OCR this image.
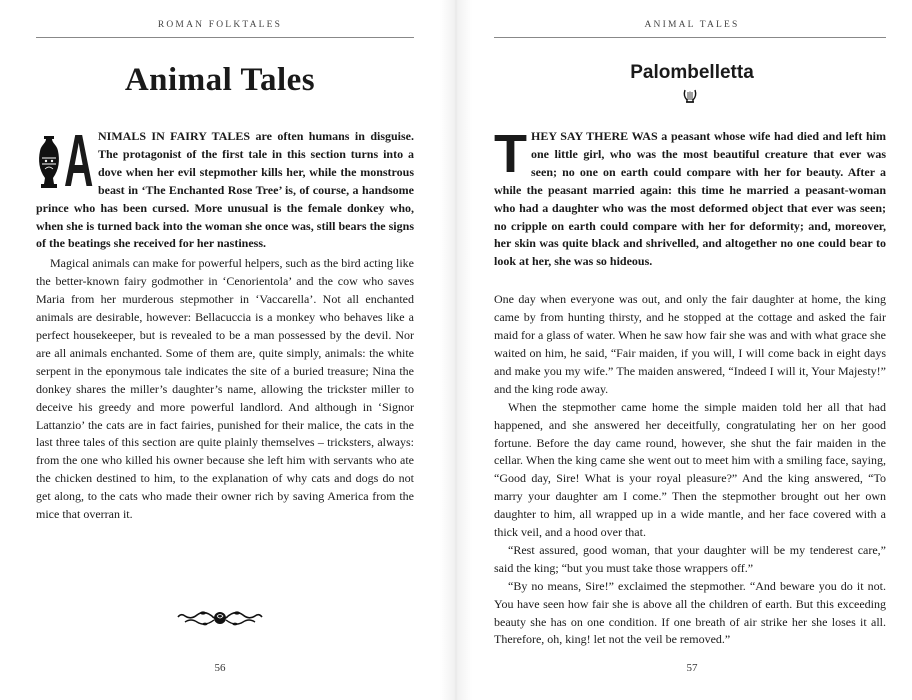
ROMAN FOLKTALES
Animal Tales
A NIMALS IN FAIRY TALES are often humans in disguise. The protagonist of the first tale in this section turns into a dove when her evil stepmother kills her, while the monstrous beast in ‘The Enchanted Rose Tree’ is, of course, a handsome prince who has been cursed. More unusual is the female donkey who, when she is turned back into the woman she once was, still bears the signs of the beatings she received for her nastiness.
Magical animals can make for powerful helpers, such as the bird acting like the better-known fairy godmother in ‘Cenorientola’ and the cow who saves Maria from her murderous stepmother in ‘Vaccarella’. Not all enchanted animals are desirable, however: Bellacuccia is a monkey who behaves like a perfect housekeeper, but is revealed to be a man possessed by the devil. Nor are all animals enchanted. Some of them are, quite simply, animals: the white serpent in the eponymous tale indicates the site of a buried treasure; Nina the donkey shares the miller’s daughter’s name, allowing the trickster miller to deceive his greedy and more powerful landlord. And although in ‘Signor Lattanzio’ the cats are in fact fairies, punished for their malice, the cats in the last three tales of this section are quite plainly themselves – tricksters, always: from the one who killed his owner because she left him with servants who ate the chicken destined to him, to the explanation of why cats and dogs do not get along, to the cats who made their owner rich by saving America from the mice that overran it.
56
ANIMAL TALES
Palombelletta
THEY SAY THERE WAS a peasant whose wife had died and left him one little girl, who was the most beautiful creature that ever was seen; no one on earth could compare with her for beauty. After a while the peasant married again: this time he married a peasant-woman who had a daughter who was the most deformed object that ever was seen; no cripple on earth could compare with her for deformity; and, moreover, her skin was quite black and shrivelled, and altogether no one could bear to look at her, she was so hideous.
One day when everyone was out, and only the fair daughter at home, the king came by from hunting thirsty, and he stopped at the cottage and asked the fair maid for a glass of water. When he saw how fair she was and with what grace she waited on him, he said, “Fair maiden, if you will, I will come back in eight days and make you my wife.” The maiden answered, “Indeed I will it, Your Majesty!” and the king rode away.
When the stepmother came home the simple maiden told her all that had happened, and she answered her deceitfully, congratulating her on her good fortune. Before the day came round, however, she shut the fair maiden in the cellar. When the king came she went out to meet him with a smiling face, saying, “Good day, Sire! What is your royal pleasure?” And the king answered, “To marry your daughter am I come.” Then the stepmother brought out her own daughter to him, all wrapped up in a wide mantle, and her face covered with a thick veil, and a hood over that.
“Rest assured, good woman, that your daughter will be my tenderest care,” said the king; “but you must take those wrappers off.”
“By no means, Sire!” exclaimed the stepmother. “And beware you do it not. You have seen how fair she is above all the children of earth. But this exceeding beauty she has on one condition. If one breath of air strike her she loses it all. Therefore, oh, king! let not the veil be removed.”
57
